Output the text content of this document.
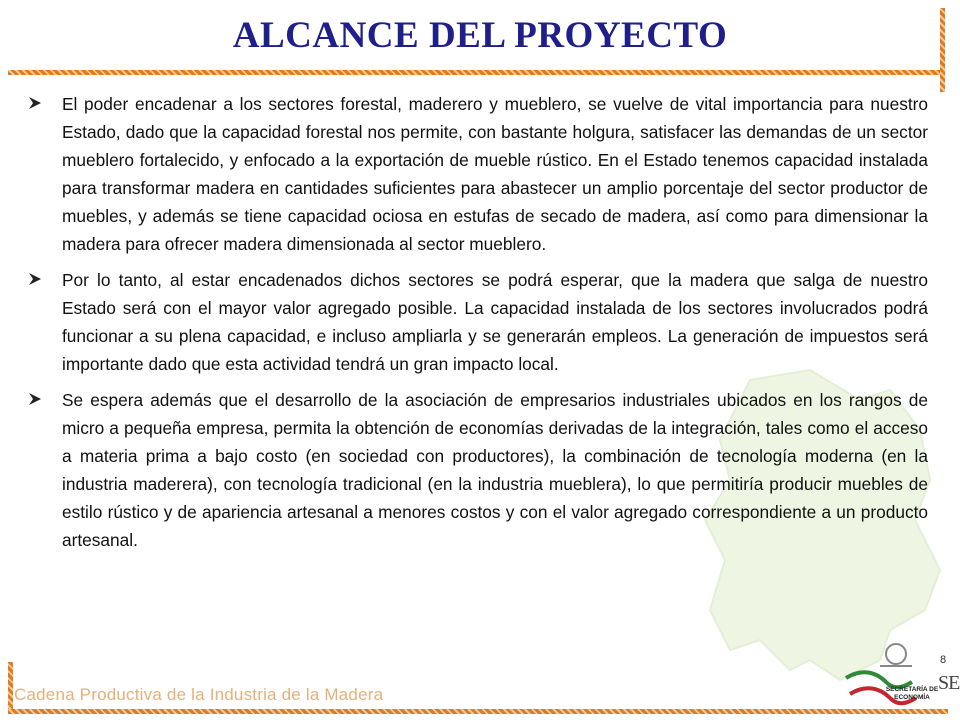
ALCANCE DEL PROYECTO
El poder encadenar a los sectores forestal, maderero y mueblero, se vuelve de vital importancia para nuestro Estado, dado que la capacidad forestal nos permite, con bastante holgura, satisfacer las demandas de un sector mueblero fortalecido, y enfocado a la exportación de mueble rústico. En el Estado tenemos capacidad instalada para transformar madera en cantidades suficientes para abastecer un amplio porcentaje del sector productor de muebles, y además se tiene capacidad ociosa en estufas de secado de madera, así como para dimensionar la madera para ofrecer madera dimensionada al sector mueblero.
Por lo tanto, al estar encadenados dichos sectores se podrá esperar, que la madera que salga de nuestro Estado será con el mayor valor agregado posible. La capacidad instalada de los sectores involucrados podrá funcionar a su plena capacidad, e incluso ampliarla y se generarán empleos. La generación de impuestos será importante dado que esta actividad tendrá un gran impacto local.
Se espera además que el desarrollo de la asociación de empresarios industriales ubicados en los rangos de micro a pequeña empresa, permita la obtención de economías derivadas de la integración, tales como el acceso a materia prima a bajo costo (en sociedad con productores), la combinación de tecnología moderna (en la industria maderera), con tecnología tradicional (en la industria mueblera), lo que permitiría producir muebles de estilo rústico y de apariencia artesanal a menores costos y con el valor agregado correspondiente a un producto artesanal.
8
Cadena Productiva de la Industria de la Madera	SECRETARÍA DE
ECONOMÍA
SE
